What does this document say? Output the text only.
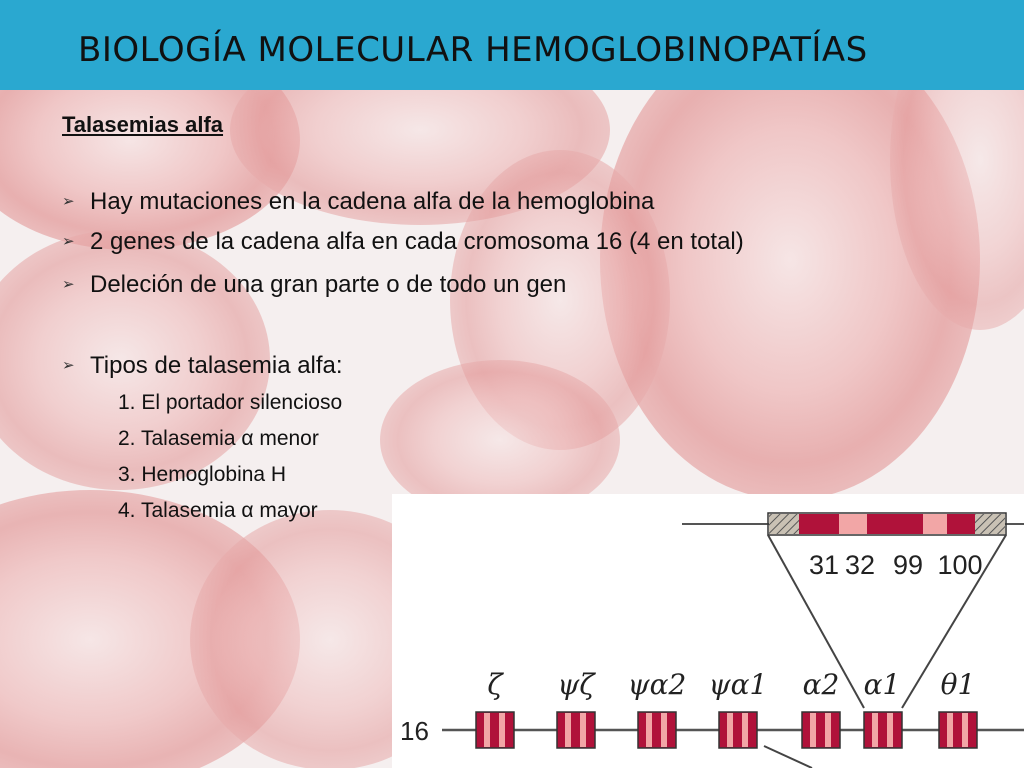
BIOLOGÍA MOLECULAR HEMOGLOBINOPATÍAS
Talasemias alfa
➢ Hay mutaciones en la cadena alfa de la hemoglobina
➢ 2 genes de la cadena alfa en cada cromosoma 16 (4 en total)
➢ Deleción de una gran parte o de todo un gen
➢ Tipos de talasemia alfa:
1. El portador silencioso
2. Talasemia α menor
3. Hemoglobina H
4. Talasemia α mayor
31 32 99 100
16
ζ ψζ ψα2 ψα1 α2 α1 θ1
